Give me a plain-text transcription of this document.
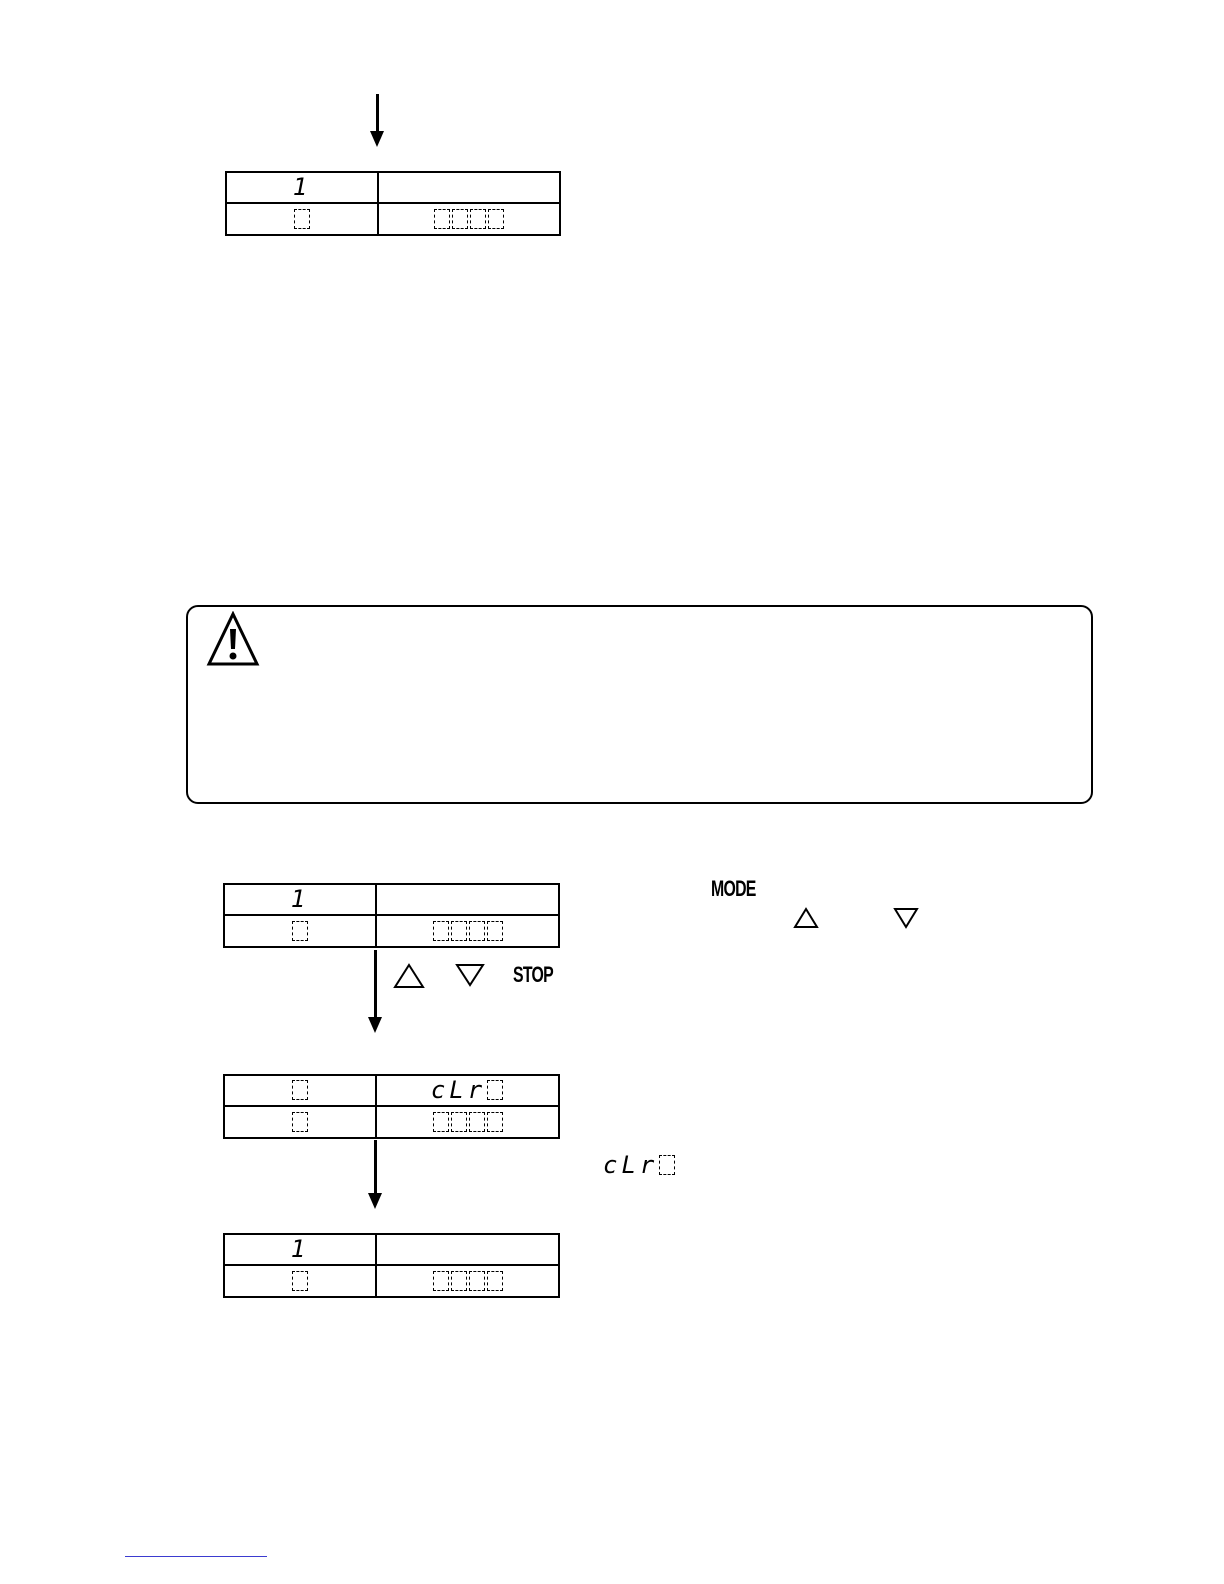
1
1	MODE
STOP
cLr
cLr
1
